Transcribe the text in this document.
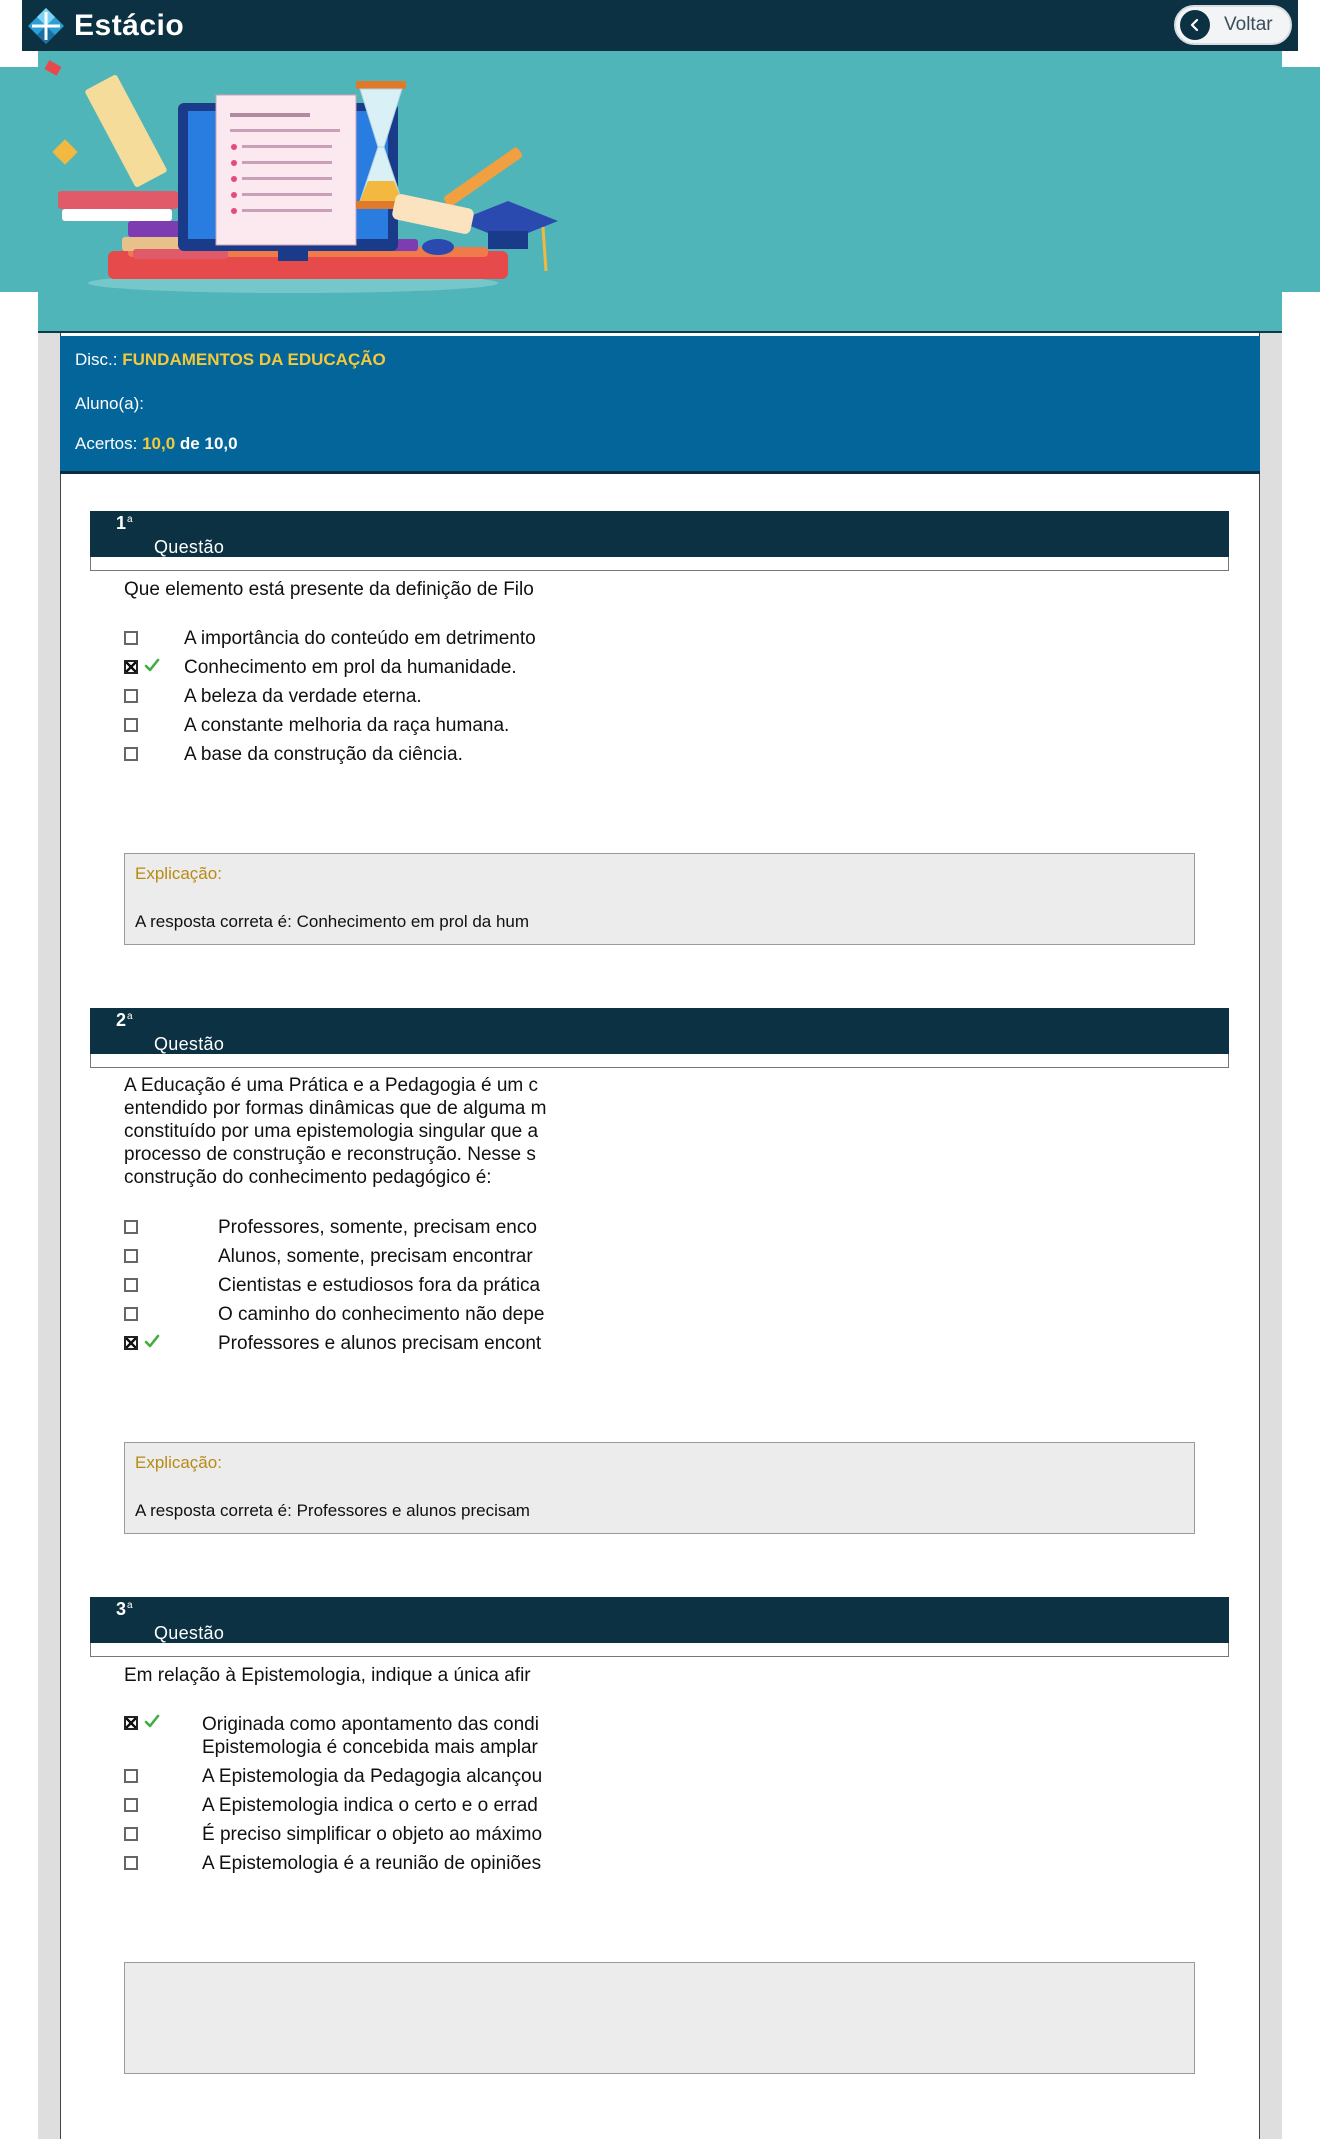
Estácio	Voltar
Disc.: FUNDAMENTOS DA EDUCAÇÃO
Aluno(a):
Acertos: 10,0 de 10,0
1$^a$
Questão
Que elemento está presente da definição de Filo
A importância do conteúdo em detrimento
Conhecimento em prol da humanidade.
A beleza da verdade eterna.
A constante melhoria da raça humana.
A base da construção da ciência.
Explicação:
A resposta correta é: Conhecimento em prol da hum
2$^a$
Questão
A Educação é uma Prática e a Pedagogia é um c
entendido por formas dinâmicas que de alguma m
constituído por uma epistemologia singular que a
processo de construção e reconstrução. Nesse s
construção do conhecimento pedagógico é:
Professores, somente, precisam enco
Alunos, somente, precisam encontrar
Cientistas e estudiosos fora da prática
O caminho do conhecimento não depe
Professores e alunos precisam encont
Explicação:
A resposta correta é: Professores e alunos precisam
3$^a$
Questão
Em relação à Epistemologia, indique a única afir
Originada como apontamento das condi
Epistemologia é concebida mais amplar
A Epistemologia da Pedagogia alcançou
A Epistemologia indica o certo e o errad
É preciso simplificar o objeto ao máximo
A Epistemologia é a reunião de opiniões
